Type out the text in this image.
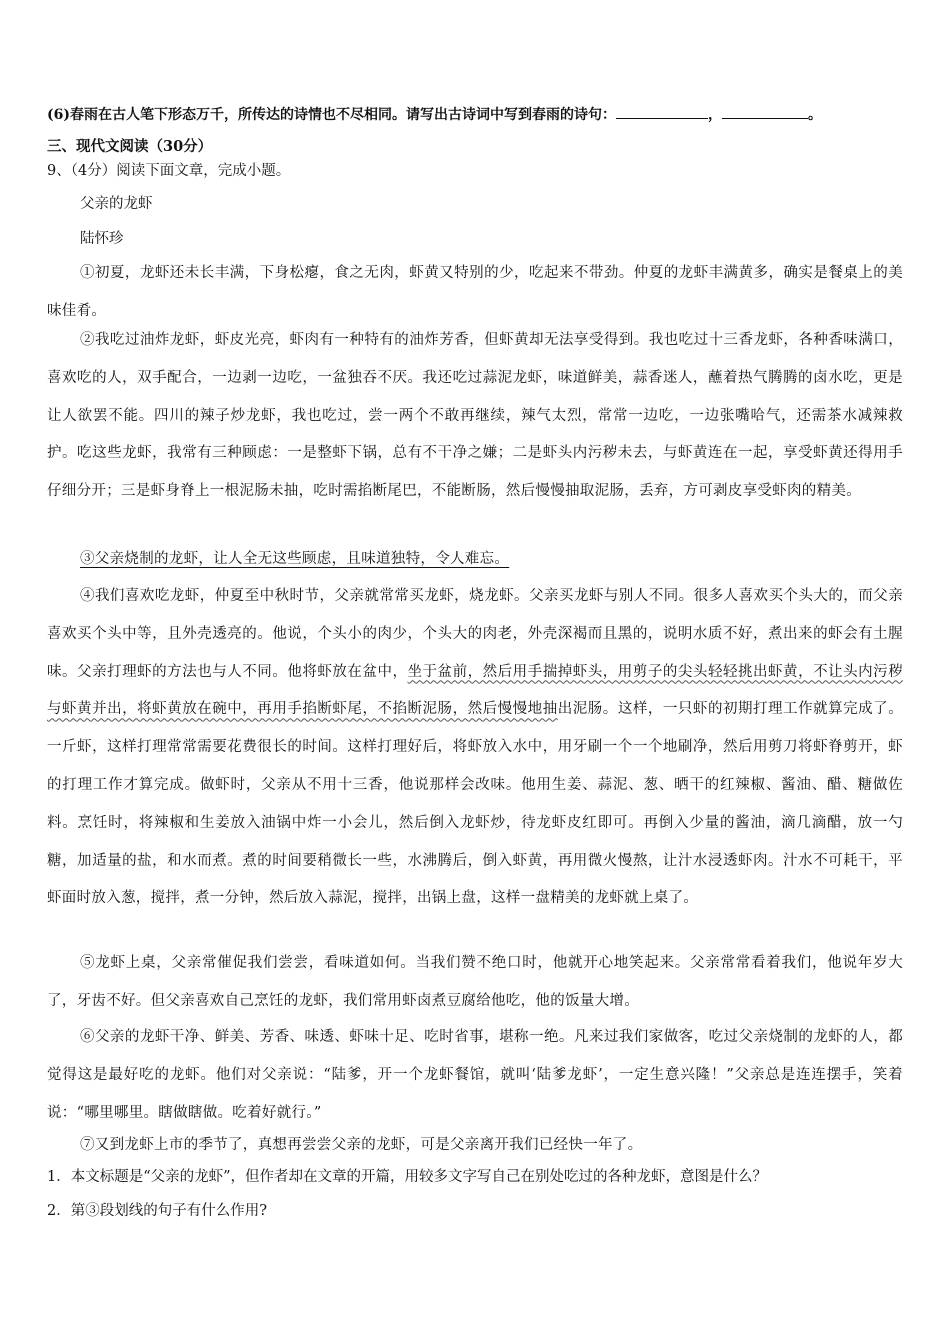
(6)春雨在古人笔下形态万千，所传达的诗情也不尽相同。请写出古诗词中写到春雨的诗句：	，	。
三、现代文阅读（30分）
9、（4分）阅读下面文章，完成小题。
父亲的龙虾
陆怀珍
①初夏，龙虾还未长丰满，下身松瘪，食之无肉，虾黄又特别的少，吃起来不带劲。仲夏的龙虾丰满黄多，确实是餐桌上的美味佳肴。
②我吃过油炸龙虾，虾皮光亮，虾肉有一种特有的油炸芳香，但虾黄却无法享受得到。我也吃过十三香龙虾，各种香味满口，喜欢吃的人，双手配合，一边剥一边吃，一盆独吞不厌。我还吃过蒜泥龙虾，味道鲜美，蒜香迷人，蘸着热气腾腾的卤水吃，更是让人欲罢不能。四川的辣子炒龙虾，我也吃过，尝一两个不敢再继续，辣气太烈，常常一边吃，一边张嘴哈气，还需茶水减辣救护。吃这些龙虾，我常有三种顾虑：一是整虾下锅，总有不干净之嫌；二是虾头内污秽未去，与虾黄连在一起，享受虾黄还得用手仔细分开；三是虾身脊上一根泥肠未抽，吃时需掐断尾巴，不能断肠，然后慢慢抽取泥肠，丢弃，方可剥皮享受虾肉的精美。
③父亲烧制的龙虾，让人全无这些顾虑，且味道独特，令人难忘。
④我们喜欢吃龙虾，仲夏至中秋时节，父亲就常常买龙虾，烧龙虾。父亲买龙虾与别人不同。很多人喜欢买个头大的，而父亲喜欢买个头中等，且外壳透亮的。他说，个头小的肉少，个头大的肉老，外壳深褐而且黑的，说明水质不好，煮出来的虾会有土腥味。父亲打理虾的方法也与人不同。他将虾放在盆中，坐于盆前，然后用手揣掉虾头，用剪子的尖头轻轻挑出虾黄，不让头内污秽与虾黄并出，将虾黄放在碗中，再用手掐断虾尾，不掐断泥肠，然后慢慢地抽出泥肠。这样，一只虾的初期打理工作就算完成了。一斤虾，这样打理常常需要花费很长的时间。这样打理好后，将虾放入水中，用牙刷一个一个地刷净，然后用剪刀将虾脊剪开，虾的打理工作才算完成。做虾时，父亲从不用十三香，他说那样会改味。他用生姜、蒜泥、葱、晒干的红辣椒、酱油、醋、糖做佐料。烹饪时，将辣椒和生姜放入油锅中炸一小会儿，然后倒入龙虾炒，待龙虾皮红即可。再倒入少量的酱油，滴几滴醋，放一勺糖，加适量的盐，和水而煮。煮的时间要稍微长一些，水沸腾后，倒入虾黄，再用微火慢熬，让汁水浸透虾肉。汁水不可耗干，平虾面时放入葱，搅拌，煮一分钟，然后放入蒜泥，搅拌，出锅上盘，这样一盘精美的龙虾就上桌了。
⑤龙虾上桌，父亲常催促我们尝尝，看味道如何。当我们赞不绝口时，他就开心地笑起来。父亲常常看着我们，他说年岁大了，牙齿不好。但父亲喜欢自己烹饪的龙虾，我们常用虾卤煮豆腐给他吃，他的饭量大增。
⑥父亲的龙虾干净、鲜美、芳香、味透、虾味十足、吃时省事，堪称一绝。凡来过我们家做客，吃过父亲烧制的龙虾的人，都觉得这是最好吃的龙虾。他们对父亲说：“陆爹，开一个龙虾餐馆，就叫‘陆爹龙虾’，一定生意兴隆！”父亲总是连连摆手，笑着说：“哪里哪里。瞎做瞎做。吃着好就行。”
⑦又到龙虾上市的季节了，真想再尝尝父亲的龙虾，可是父亲离开我们已经快一年了。
1．本文标题是“父亲的龙虾”，但作者却在文章的开篇，用较多文字写自己在别处吃过的各种龙虾，意图是什么？
2．第③段划线的句子有什么作用?
